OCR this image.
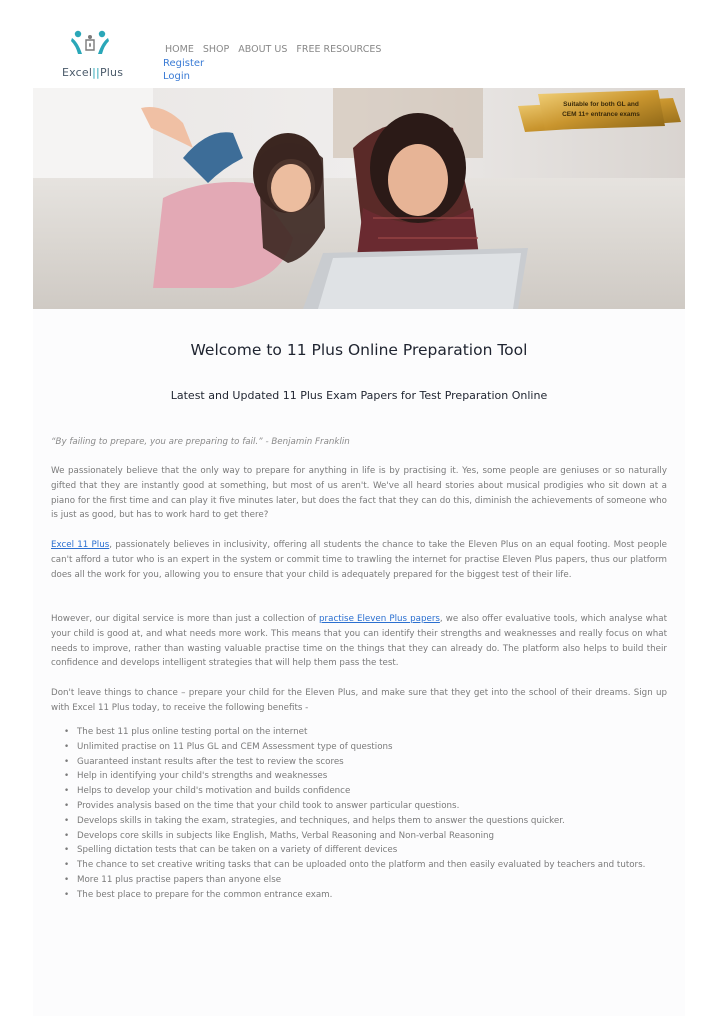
Excel||Plus
HOME SHOP ABOUT US FREE RESOURCES
Register
Login
Suitable for both GL and
CEM 11+ entrance exams
Welcome to 11 Plus Online Preparation Tool
Latest and Updated 11 Plus Exam Papers for Test Preparation Online
“By failing to prepare, you are preparing to fail.” - Benjamin Franklin
We passionately believe that the only way to prepare for anything in life is by practising it. Yes, some people are geniuses or so naturally gifted that they are instantly good at something, but most of us aren't. We've all heard stories about musical prodigies who sit down at a piano for the first time and can play it five minutes later, but does the fact that they can do this, diminish the achievements of someone who is just as good, but has to work hard to get there?
Excel 11 Plus, passionately believes in inclusivity, offering all students the chance to take the Eleven Plus on an equal footing. Most people can't afford a tutor who is an expert in the system or commit time to trawling the internet for practise Eleven Plus papers, thus our platform does all the work for you, allowing you to ensure that your child is adequately prepared for the biggest test of their life.
However, our digital service is more than just a collection of practise Eleven Plus papers, we also offer evaluative tools, which analyse what your child is good at, and what needs more work. This means that you can identify their strengths and weaknesses and really focus on what needs to improve, rather than wasting valuable practise time on the things that they can already do. The platform also helps to build their confidence and develops intelligent strategies that will help them pass the test.
Don't leave things to chance – prepare your child for the Eleven Plus, and make sure that they get into the school of their dreams. Sign up with Excel 11 Plus today, to receive the following benefits -
• The best 11 plus online testing portal on the internet
• Unlimited practise on 11 Plus GL and CEM Assessment type of questions
• Guaranteed instant results after the test to review the scores
• Help in identifying your child's strengths and weaknesses
• Helps to develop your child's motivation and builds confidence
• Provides analysis based on the time that your child took to answer particular questions.
• Develops skills in taking the exam, strategies, and techniques, and helps them to answer the questions quicker.
• Develops core skills in subjects like English, Maths, Verbal Reasoning and Non-verbal Reasoning
• Spelling dictation tests that can be taken on a variety of different devices
• The chance to set creative writing tasks that can be uploaded onto the platform and then easily evaluated by teachers and tutors.
• More 11 plus practise papers than anyone else
• The best place to prepare for the common entrance exam.
